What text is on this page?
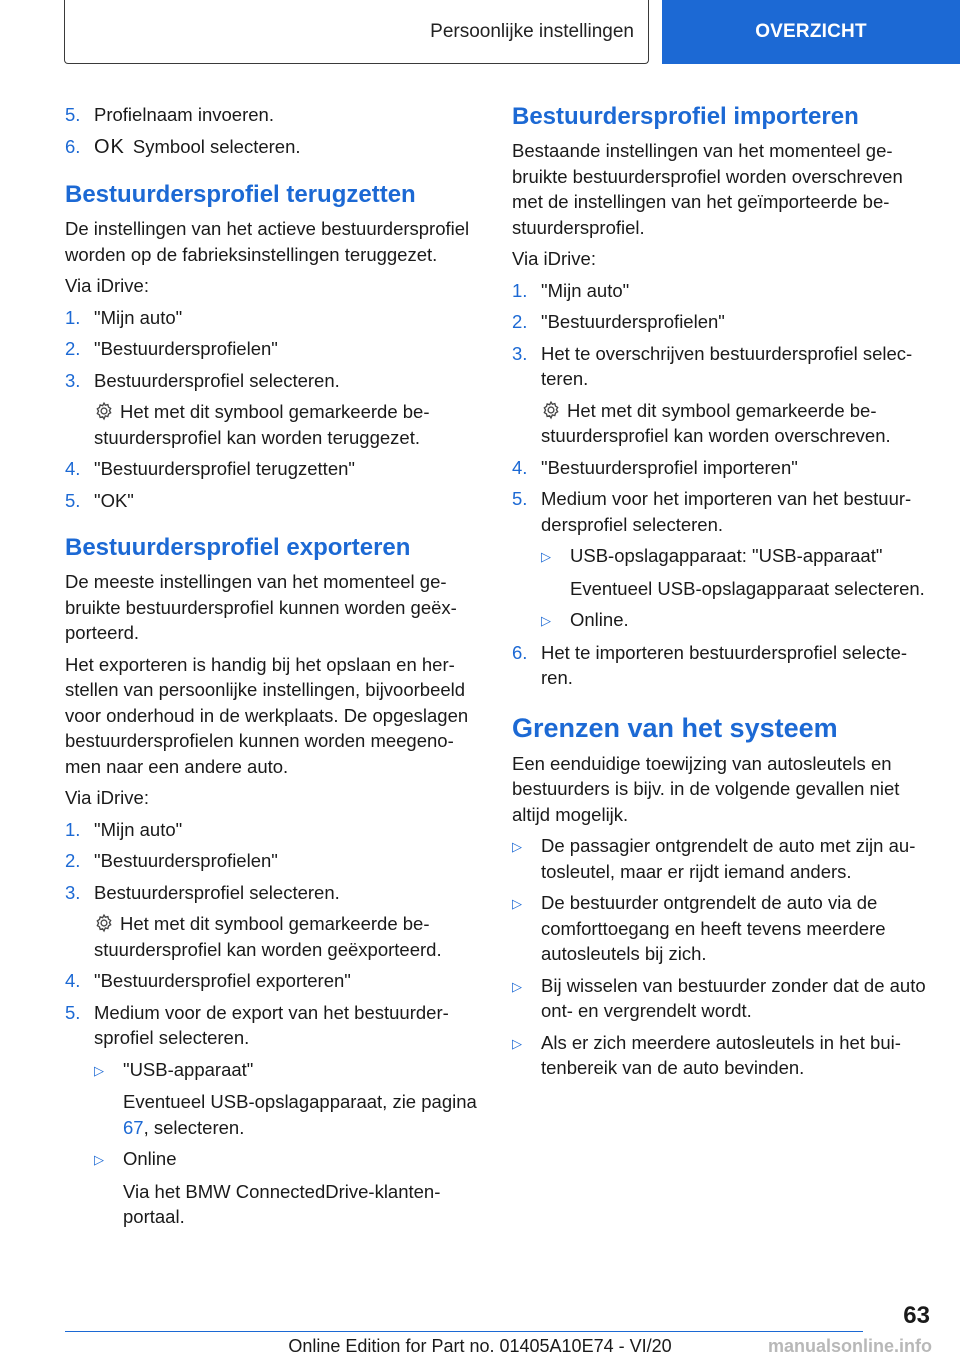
Persoonlijke instellingen	OVERZICHT
5. Profielnaam invoeren.
6. OK Symbool selecteren.
Bestuurdersprofiel terugzetten

De instellingen van het actieve bestuurdersprofiel worden op de fabrieksinstellingen teruggezet.

Via iDrive:

1. "Mijn auto"
2. "Bestuurdersprofielen"
3. Bestuurdersprofiel selecteren.

Het met dit symbool gemarkeerde bestuurdersprofiel kan worden teruggezet.

4. "Bestuurdersprofiel terugzetten"
5. "OK"
Bestuurdersprofiel exporteren

De meeste instellingen van het momenteel gebruikte bestuurdersprofiel kunnen worden geëxporteerd.

Het exporteren is handig bij het opslaan en herstellen van persoonlijke instellingen, bijvoorbeeld voor onderhoud in de werkplaats. De opgeslagen bestuurdersprofielen kunnen worden meegenomen naar een andere auto.

Via iDrive:

1. "Mijn auto"
2. "Bestuurdersprofielen"
3. Bestuurdersprofiel selecteren.

Het met dit symbool gemarkeerde bestuurdersprofiel kan worden geëxporteerd.

4. "Bestuurdersprofiel exporteren"
5. Medium voor de export van het bestuurdersprofiel selecteren.
▷	"USB-apparaat"

Eventueel USB-opslagapparaat, zie pagina 67, selecteren.

▷	Online

Via het BMW ConnectedDrive-klantenportaal.

Bestuurdersprofiel importeren

Bestaande instellingen van het momenteel gebruikte bestuurdersprofiel worden overschreven met de instellingen van het geïmporteerde bestuurdersprofiel.

Via iDrive:

1. "Mijn auto"
2. "Bestuurdersprofielen"
3. Het te overschrijven bestuurdersprofiel selecteren.

Het met dit symbool gemarkeerde bestuurdersprofiel kan worden overschreven.

4. "Bestuurdersprofiel importeren"
5. Medium voor het importeren van het bestuurdersprofiel selecteren.
▷	USB-opslagapparaat: "USB-apparaat"

Eventueel USB-opslagapparaat selecteren.

▷	Online.
6. Het te importeren bestuurdersprofiel selecteren.
Grenzen van het systeem

Een eenduidige toewijzing van autosleutels en bestuurders is bijv. in de volgende gevallen niet altijd mogelijk.

▷	De passagier ontgrendelt de auto met zijn autosleutel, maar er rijdt iemand anders.
▷	De bestuurder ontgrendelt de auto via de comforttoegang en heeft tevens meerdere autosleutels bij zich.
▷	Bij wisselen van bestuurder zonder dat de auto ont- en vergrendelt wordt.
▷	Als er zich meerdere autosleutels in het buitenbereik van de auto bevinden.
63
Online Edition for Part no. 01405A10E74 - VI/20	manualsonline.info
